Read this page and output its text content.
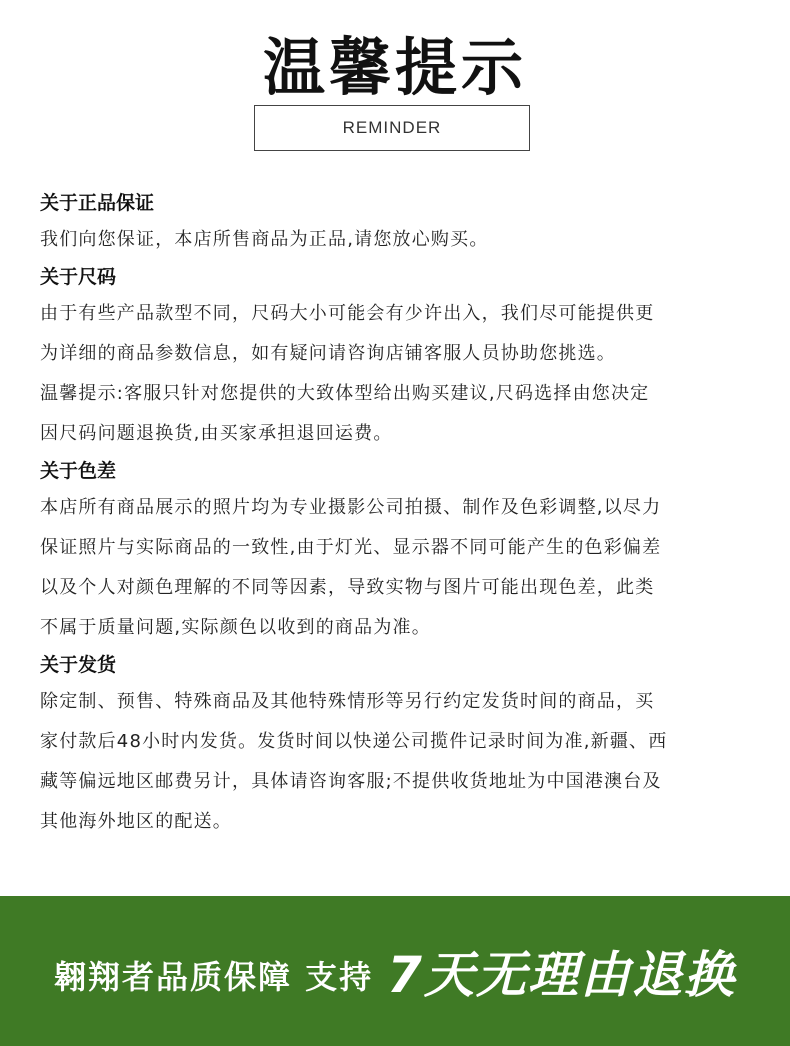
温馨提示
REMINDER
关于正品保证
我们向您保证，本店所售商品为正品,请您放心购买。
关于尺码
由于有些产品款型不同，尺码大小可能会有少许出入，我们尽可能提供更
为详细的商品参数信息，如有疑问请咨询店铺客服人员协助您挑选。
温馨提示:客服只针对您提供的大致体型给出购买建议,尺码选择由您决定
因尺码问题退换货,由买家承担退回运费。
关于色差
本店所有商品展示的照片均为专业摄影公司拍摄、制作及色彩调整,以尽力
保证照片与实际商品的一致性,由于灯光、显示器不同可能产生的色彩偏差
以及个人对颜色理解的不同等因素，导致实物与图片可能出现色差，此类
不属于质量问题,实际颜色以收到的商品为准。
关于发货
除定制、预售、特殊商品及其他特殊情形等另行约定发货时间的商品，买
家付款后48小时内发货。发货时间以快递公司揽件记录时间为准,新疆、西
藏等偏远地区邮费另计，具体请咨询客服;不提供收货地址为中国港澳台及
其他海外地区的配送。
翱翔者品质保障 支持 7天无理由退换
